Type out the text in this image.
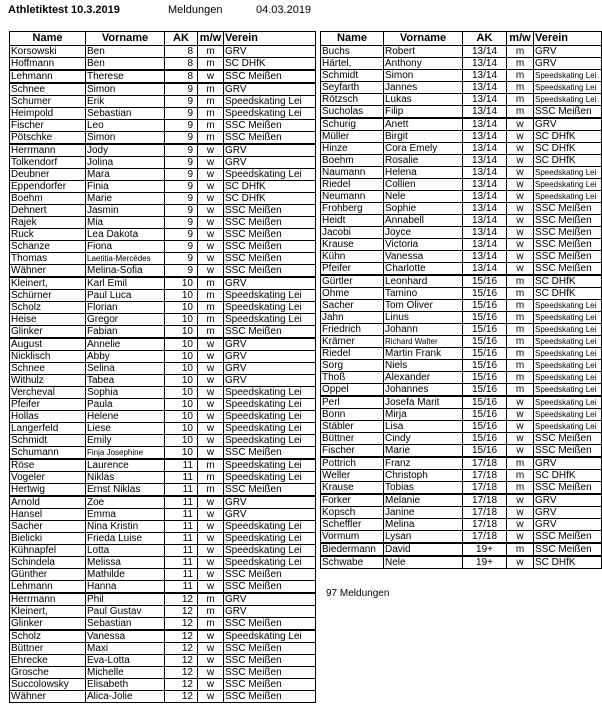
Athletiktest 10.3.2019	Meldungen	04.03.2019
Name	Vorname	AK	m/w	Verein
Korsowski	Ben	8	m	GRV
Hoffmann	Ben	8	m	SC DHfK
Lehmann	Therese	8	w	SSC Meißen
Schnee	Simon	9	m	GRV
Schumer	Erik	9	m	Speedskating Lei
Heimpold	Sebastian	9	m	Speedskating Lei
Fischer	Leo	9	m	SSC Meißen
Pötschke	Simon	9	m	SSC Meißen
Herrmann	Jody	9	w	GRV
Tolkendorf	Jolina	9	w	GRV
Deubner	Mara	9	w	Speedskating Lei
Eppendorfer	Finia	9	w	SC DHfK
Boehm	Marie	9	w	SC DHfK
Dehnert	Jasmin	9	w	SSC Meißen
Rajek	Mia	9	w	SSC Meißen
Ruck	Lea Dakota	9	w	SSC Meißen
Schanze	Fiona	9	w	SSC Meißen
Thomas	Laetitia-Mercédes	9	w	SSC Meißen
Wähner	Melina-Sofia	9	w	SSC Meißen
Kleinert,	Karl Emil	10	m	GRV
Schürner	Paul Luca	10	m	Speedskating Lei
Scholz	Florian	10	m	Speedskating Lei
Heise	Gregor	10	m	Speedskating Lei
Glinker	Fabian	10	m	SSC Meißen
August	Annelie	10	w	GRV
Nicklisch	Abby	10	w	GRV
Schnee	Selina	10	w	GRV
Withulz	Tabea	10	w	GRV
Vercheval	Sophia	10	w	Speedskating Lei
Pfeifer	Paula	10	w	Speedskating Lei
Hollas	Helene	10	w	Speedskating Lei
Langerfeld	Liese	10	w	Speedskating Lei
Schmidt	Emily	10	w	Speedskating Lei
Schumann	Finja Josephine	10	w	SSC Meißen
Röse	Laurence	11	m	Speedskating Lei
Vogeler	Niklas	11	m	Speedskating Lei
Hertwig	Ernst Niklas	11	m	SSC Meißen
Arnold	Zoe	11	w	GRV
Hansel	Emma	11	w	GRV
Sacher	Nina Kristin	11	w	Speedskating Lei
Bielicki	Frieda Luise	11	w	Speedskating Lei
Kühnapfel	Lotta	11	w	Speedskating Lei
Schindela	Melissa	11	w	Speedskating Lei
Günther	Mathilde	11	w	SSC Meißen
Lehmann	Hanna	11	w	SSC Meißen
Herrmann	Phil	12	m	GRV
Kleinert,	Paul Gustav	12	m	GRV
Glinker	Sebastian	12	m	SSC Meißen
Scholz	Vanessa	12	w	Speedskating Lei
Büttner	Maxi	12	w	SSC Meißen
Ehrecke	Eva-Lotta	12	w	SSC Meißen
Grosche	Michelle	12	w	SSC Meißen
Succolowsky	Elisabeth	12	w	SSC Meißen
Wähner	Alica-Jolie	12	w	SSC Meißen
Name	Vorname	AK	m/w	Verein
Buchs	Robert	13/14	m	GRV
Härtel,	Anthony	13/14	m	GRV
Schmidt	Simon	13/14	m	Speedskating Lei
Seyfarth	Jannes	13/14	m	Speedskating Lei
Rötzsch	Lukas	13/14	m	Speedskating Lei
Sucholas	Filip	13/14	m	SSC Meißen
Schurig	Anett	13/14	w	GRV
Müller	Birgit	13/14	w	SC DHfK
Hinze	Cora Emely	13/14	w	SC DHfK
Boehm	Rosalie	13/14	w	SC DHfK
Naumann	Helena	13/14	w	Speedskating Lei
Riedel	Collien	13/14	w	Speedskating Lei
Neumann	Nele	13/14	w	Speedskating Lei
Frohberg	Sophie	13/14	w	SSC Meißen
Heidt	Annabell	13/14	w	SSC Meißen
Jacobi	Joyce	13/14	w	SSC Meißen
Krause	Victoria	13/14	w	SSC Meißen
Kühn	Vanessa	13/14	w	SSC Meißen
Pfeifer	Charlotte	13/14	w	SSC Meißen
Gürtler	Leonhard	15/16	m	SC DHfK
Ohme	Tamino	15/16	m	SC DHfK
Sacher	Tom Oliver	15/16	m	Speedskating Lei
Jahn	Linus	15/16	m	Speedskating Lei
Friedrich	Johann	15/16	m	Speedskating Lei
Krämer	Richard Walter	15/16	m	Speedskating Lei
Riedel	Martin Frank	15/16	m	Speedskating Lei
Sorg	Niels	15/16	m	Speedskating Lei
Thoß	Alexander	15/16	m	Speedskating Lei
Oppel	Johannes	15/16	m	Speedskating Lei
Perl	Josefa Marit	15/16	w	Speedskating Lei
Bonn	Mirja	15/16	w	Speedskating Lei
Stäbler	Lisa	15/16	w	Speedskating Lei
Büttner	Cindy	15/16	w	SSC Meißen
Fischer	Marie	15/16	w	SSC Meißen
Pottrich	Franz	17/18	m	GRV
Weller	Christoph	17/18	m	SC DHfK
Krause	Tobias	17/18	m	SSC Meißen
Forker	Melanie	17/18	w	GRV
Kopsch	Janine	17/18	w	GRV
Scheffler	Melina	17/18	w	GRV
Vormum	Lysan	17/18	w	SSC Meißen
Biedermann	David	19+	m	SSC Meißen
Schwabe	Nele	19+	w	SC DHfK
97 Meldungen
